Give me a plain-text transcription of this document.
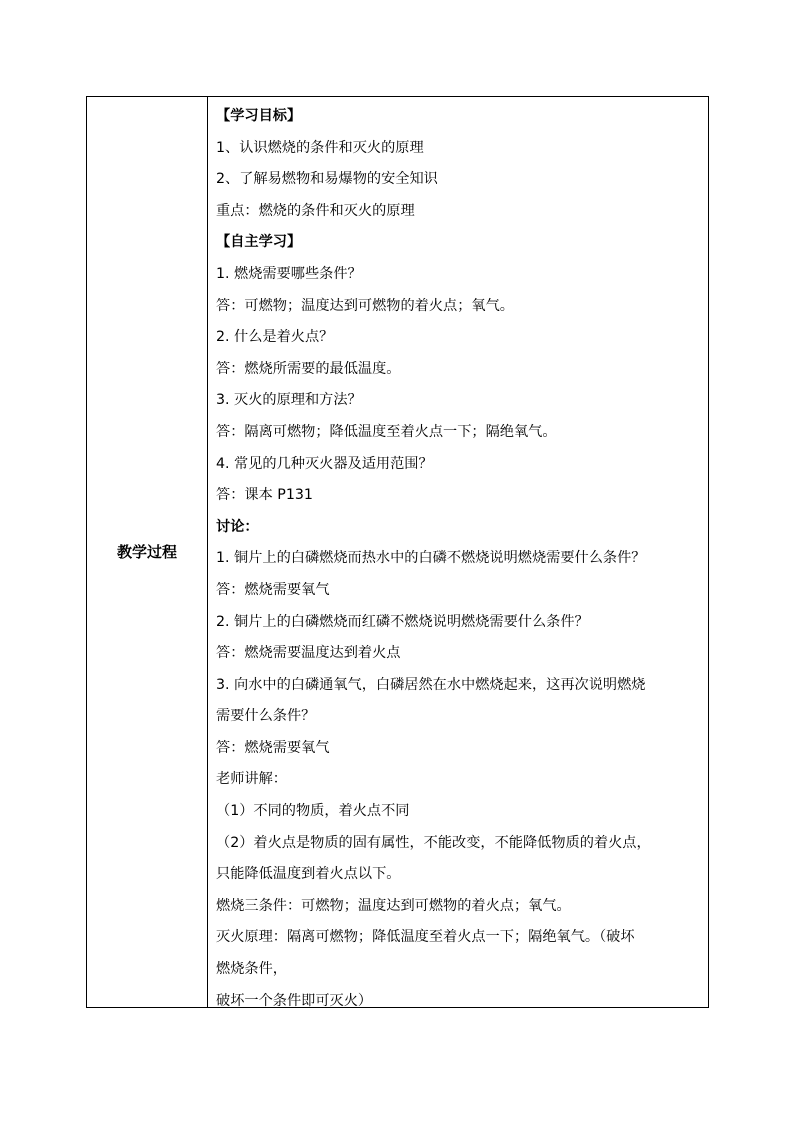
教学过程
【学习目标】
1、认识燃烧的条件和灭火的原理
2、了解易燃物和易爆物的安全知识
重点：燃烧的条件和灭火的原理
【自主学习】
1. 燃烧需要哪些条件？
答：可燃物；温度达到可燃物的着火点；氧气。
2. 什么是着火点？
答：燃烧所需要的最低温度。
3. 灭火的原理和方法？
答：隔离可燃物；降低温度至着火点一下；隔绝氧气。
4. 常见的几种灭火器及适用范围？
答：课本 P131
讨论：
1. 铜片上的白磷燃烧而热水中的白磷不燃烧说明燃烧需要什么条件？
答：燃烧需要氧气
2. 铜片上的白磷燃烧而红磷不燃烧说明燃烧需要什么条件？
答：燃烧需要温度达到着火点
3. 向水中的白磷通氧气，白磷居然在水中燃烧起来，这再次说明燃烧
需要什么条件？
答：燃烧需要氧气
老师讲解：
（1）不同的物质，着火点不同
（2）着火点是物质的固有属性，不能改变，不能降低物质的着火点，
只能降低温度到着火点以下。
燃烧三条件：可燃物；温度达到可燃物的着火点；氧气。
灭火原理：隔离可燃物；降低温度至着火点一下；隔绝氧气。（破坏
燃烧条件，
破坏一个条件即可灭火）
